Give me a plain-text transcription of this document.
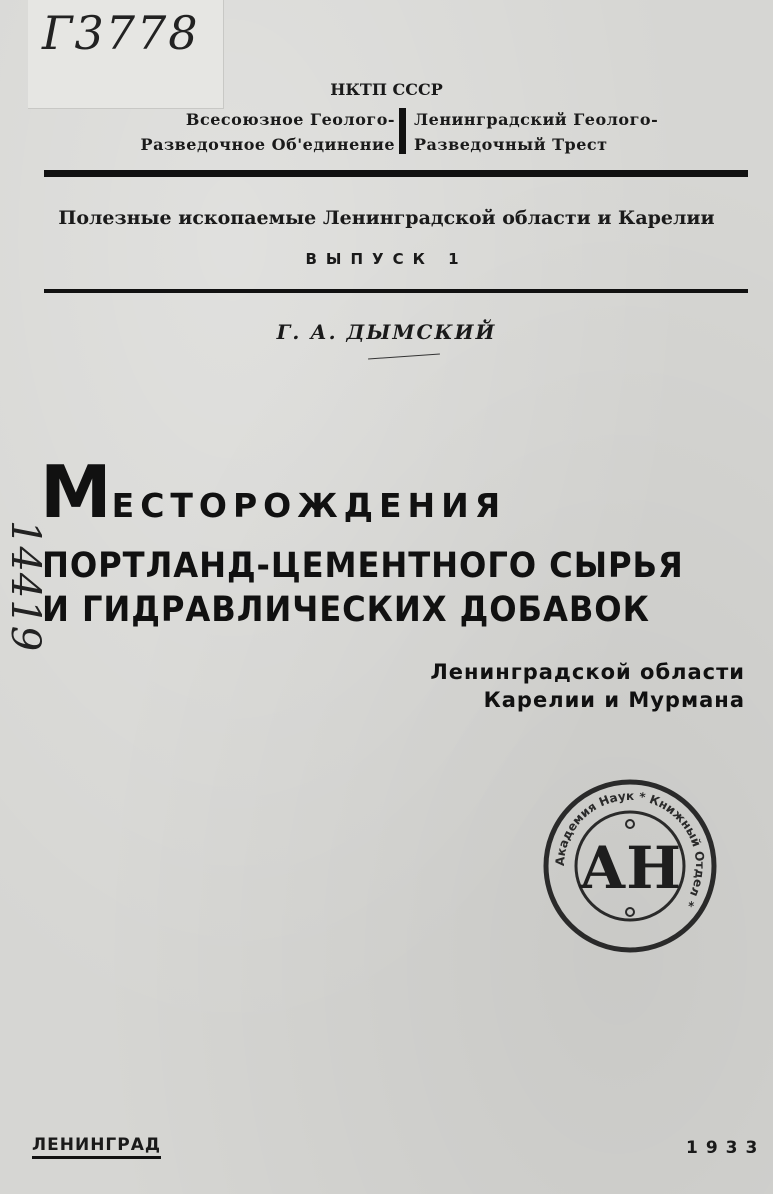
Г3778
14419
НКТП СССР
Всесоюзное Геолого-
Разведочное Об'единение
Ленинградский Геолого-
Разведочный Трест
Полезные ископаемые Ленинградской области и Карелии
ВЫПУСК 1
Г. А. ДЫМСКИЙ
МЕСТОРОЖДЕНИЯ
ПОРТЛАНД-ЦЕМЕНТНОГО СЫРЬЯ
И ГИДРАВЛИЧЕСКИХ ДОБАВОК
Ленинградской области
Карелии и Мурмана
Академия Наук * Книжный Отдел *
АН
ЛЕНИНГРАД	1933
